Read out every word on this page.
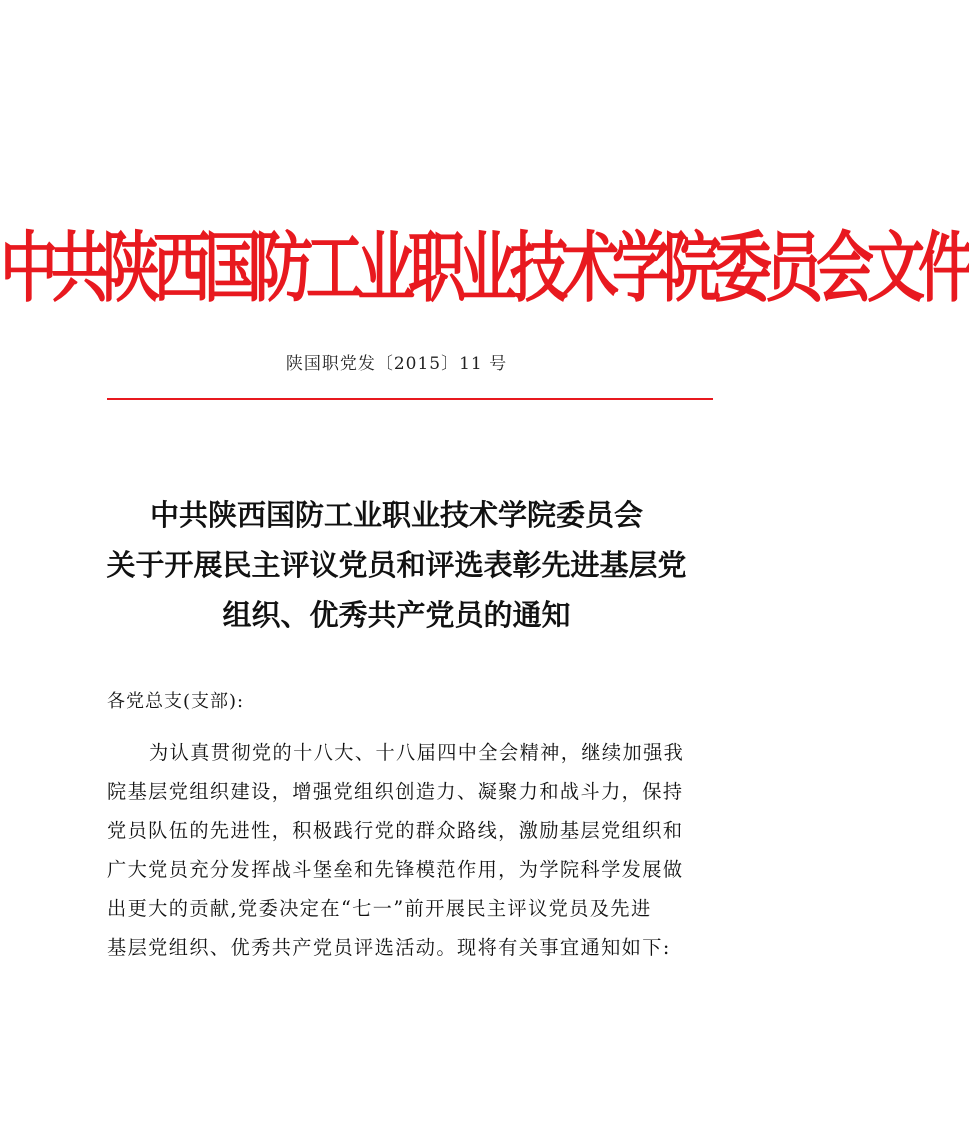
中共陕西国防工业职业技术学院委员会文件
陕国职党发〔2015〕11 号
中共陕西国防工业职业技术学院委员会
关于开展民主评议党员和评选表彰先进基层党
组织、优秀共产党员的通知
各党总支(支部):
为认真贯彻党的十八大、十八届四中全会精神，继续加强我
院基层党组织建设，增强党组织创造力、凝聚力和战斗力，保持
党员队伍的先进性，积极践行党的群众路线，激励基层党组织和
广大党员充分发挥战斗堡垒和先锋模范作用，为学院科学发展做
出更大的贡献,党委决定在“七一”前开展民主评议党员及先进
基层党组织、优秀共产党员评选活动。现将有关事宜通知如下:
